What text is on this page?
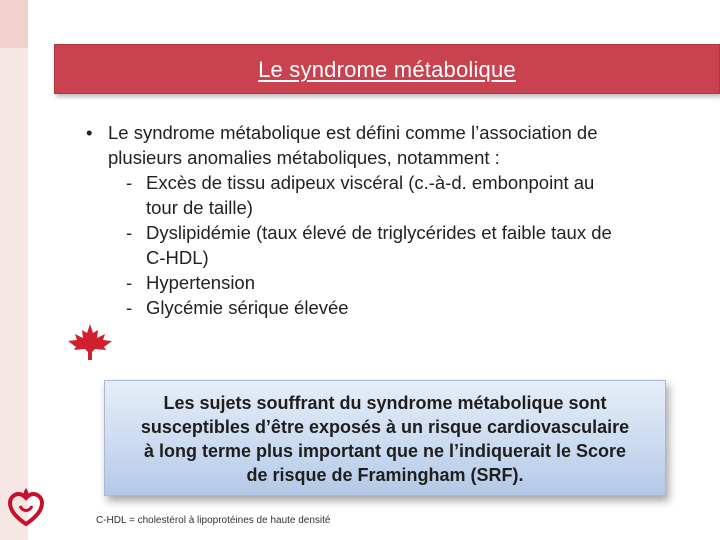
Le syndrome métabolique
• Le syndrome métabolique est défini comme l’association de
plusieurs anomalies métaboliques, notamment :
- Excès de tissu adipeux viscéral (c.-à-d. embonpoint au
tour de taille)
- Dyslipidémie (taux élevé de triglycérides et faible taux de
C-HDL)
- Hypertension
- Glycémie sérique élevée
Les sujets souffrant du syndrome métabolique sont
susceptibles d’être exposés à un risque cardiovasculaire
à long terme plus important que ne l’indiquerait le Score
de risque de Framingham (SRF).
C-HDL = cholestérol à lipoprotéines de haute densité
